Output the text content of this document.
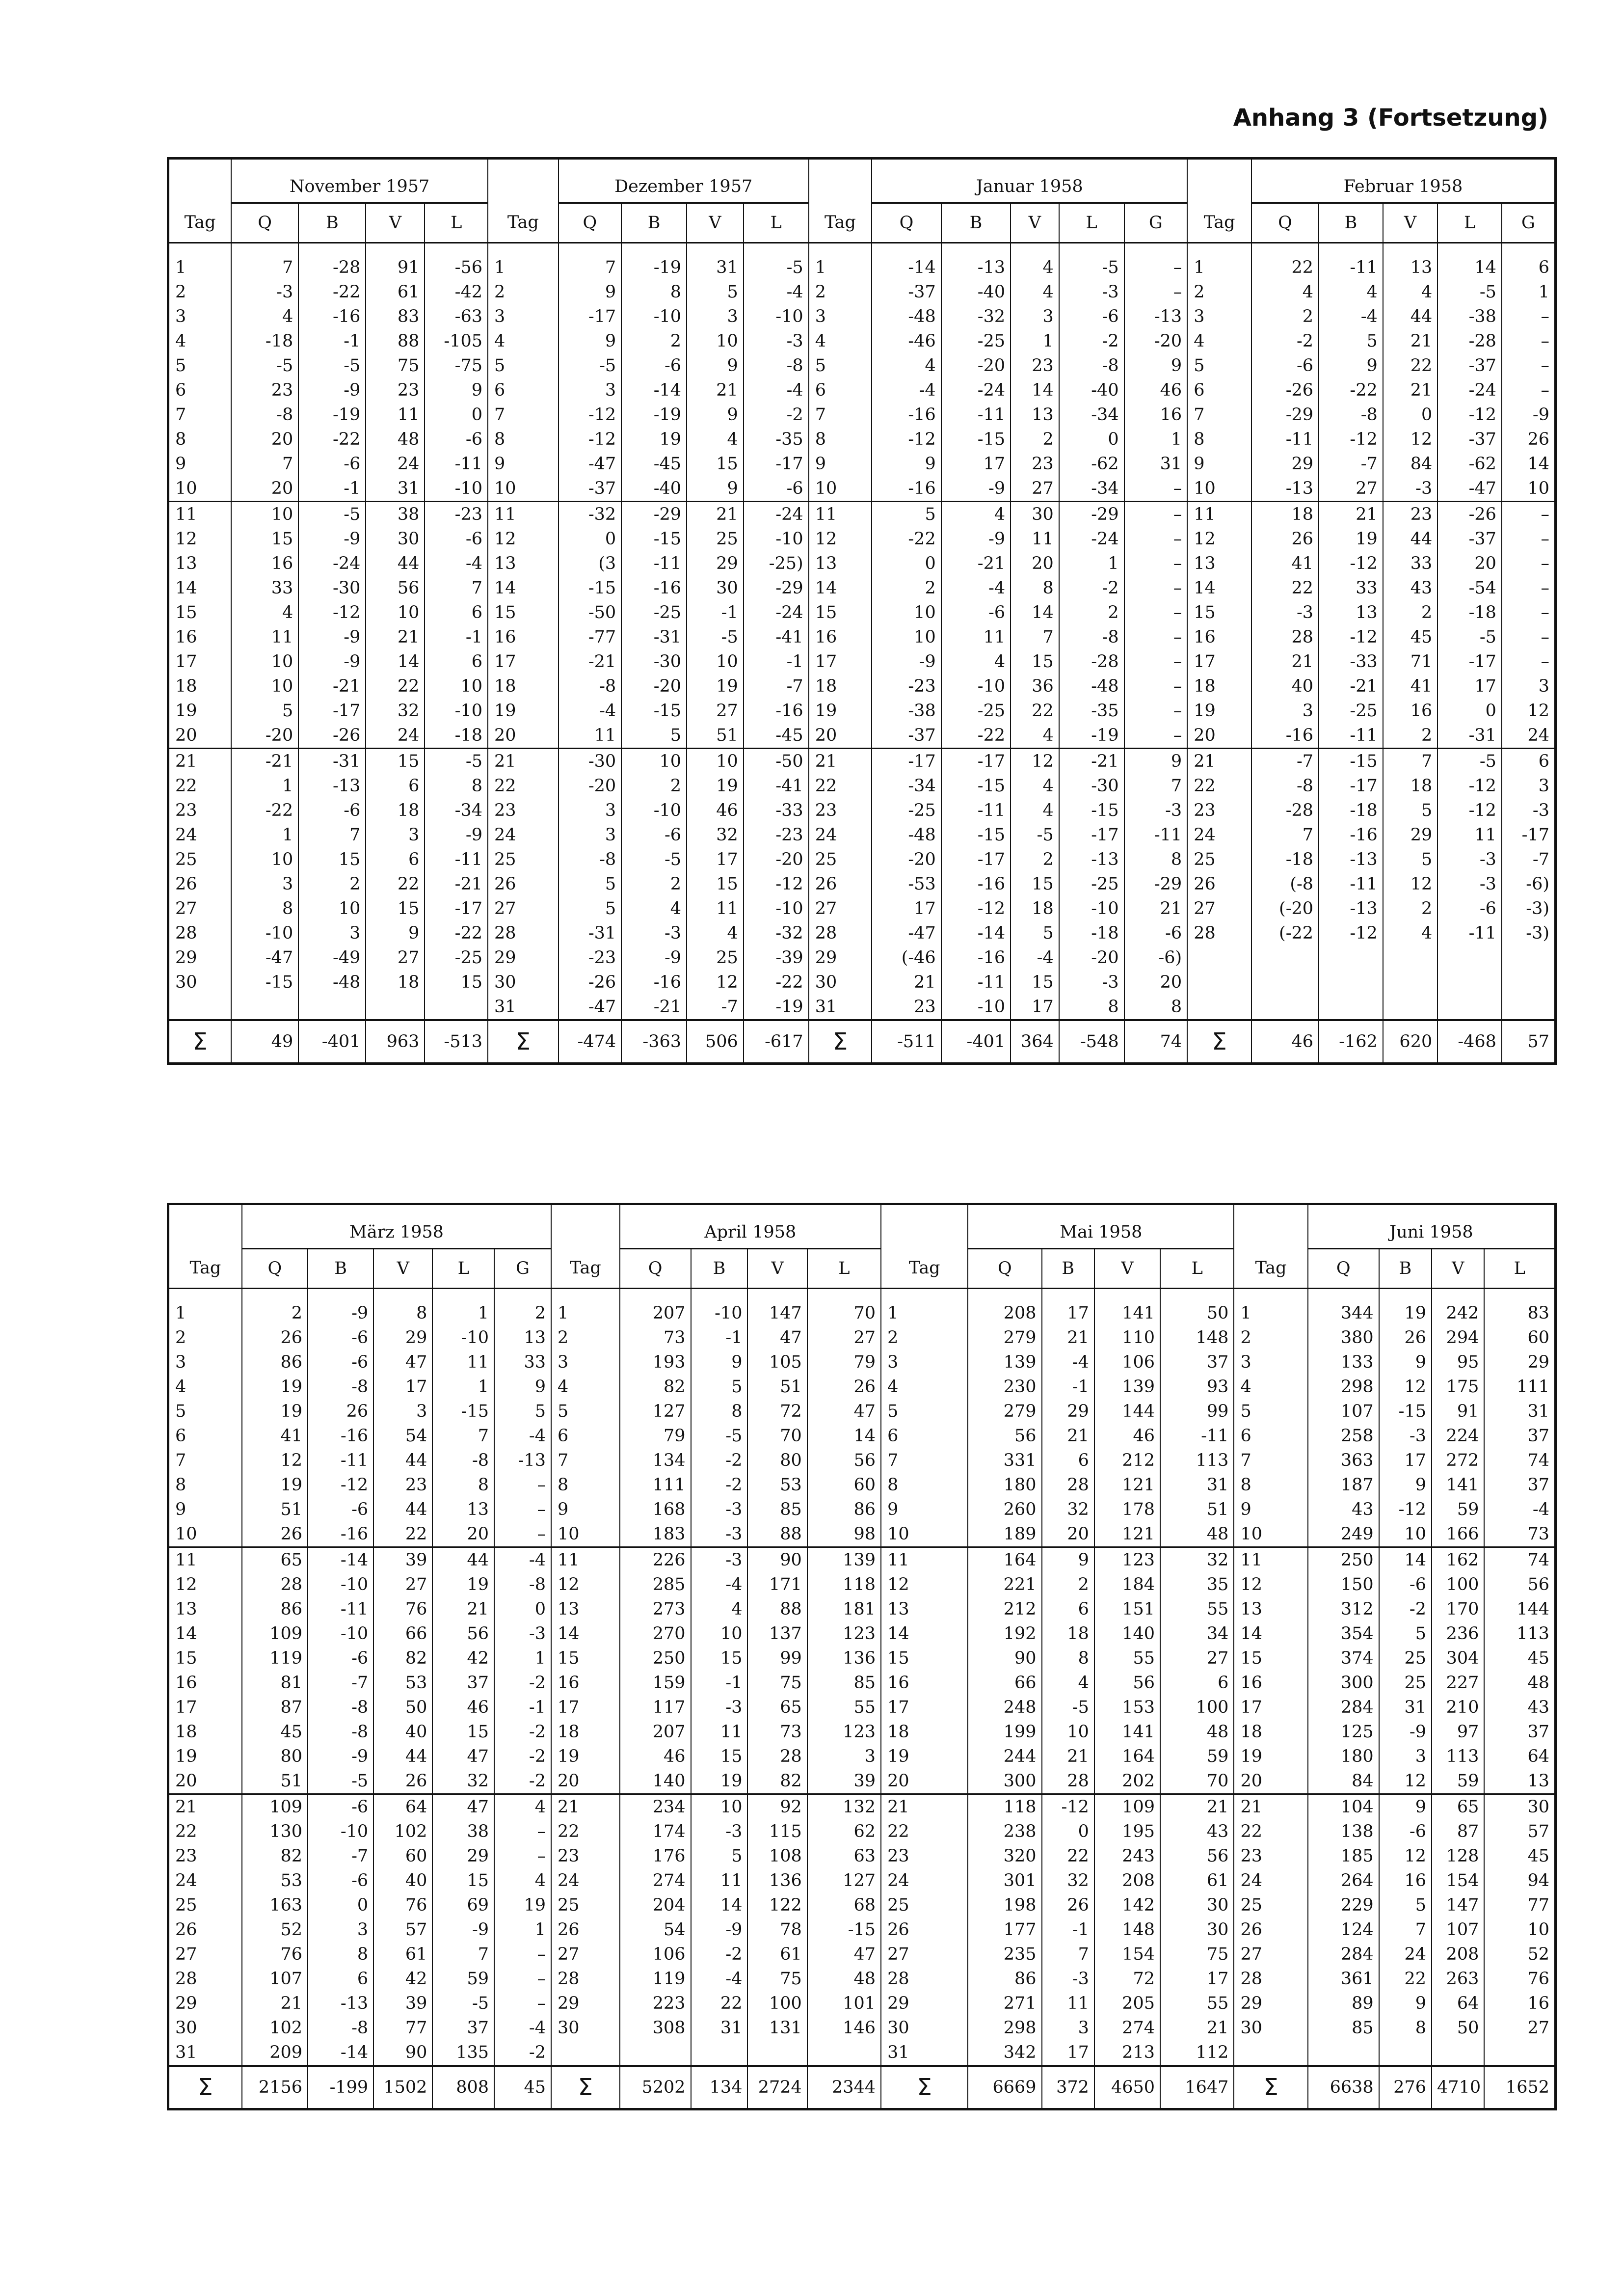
Anhang 3 (Fortsetzung)
	November 1957					Dezember 1957					Januar 1958						Februar 1958				
Tag	Q	B	V	L	Tag	Q	B	V	L	Tag	Q	B	V	L	G	Tag	Q	B	V	L	G

1	7	-28	91	-56	1	7	-19	31	-5	1	-14	-13	4	-5	–	1	22	-11	13	14	6
2	-3	-22	61	-42	2	9	8	5	-4	2	-37	-40	4	-3	–	2	4	4	4	-5	1
3	4	-16	83	-63	3	-17	-10	3	-10	3	-48	-32	3	-6	-13	3	2	-4	44	-38	–
4	-18	-1	88	-105	4	9	2	10	-3	4	-46	-25	1	-2	-20	4	-2	5	21	-28	–
5	-5	-5	75	-75	5	-5	-6	9	-8	5	4	-20	23	-8	9	5	-6	9	22	-37	–
6	23	-9	23	9	6	3	-14	21	-4	6	-4	-24	14	-40	46	6	-26	-22	21	-24	–
7	-8	-19	11	0	7	-12	-19	9	-2	7	-16	-11	13	-34	16	7	-29	-8	0	-12	-9
8	20	-22	48	-6	8	-12	19	4	-35	8	-12	-15	2	0	1	8	-11	-12	12	-37	26
9	7	-6	24	-11	9	-47	-45	15	-17	9	9	17	23	-62	31	9	29	-7	84	-62	14
10	20	-1	31	-10	10	-37	-40	9	-6	10	-16	-9	27	-34	–	10	-13	27	-3	-47	10
11	10	-5	38	-23	11	-32	-29	21	-24	11	5	4	30	-29	–	11	18	21	23	-26	–
12	15	-9	30	-6	12	0	-15	25	-10	12	-22	-9	11	-24	–	12	26	19	44	-37	–
13	16	-24	44	-4	13	(3	-11	29	-25)	13	0	-21	20	1	–	13	41	-12	33	20	–
14	33	-30	56	7	14	-15	-16	30	-29	14	2	-4	8	-2	–	14	22	33	43	-54	–
15	4	-12	10	6	15	-50	-25	-1	-24	15	10	-6	14	2	–	15	-3	13	2	-18	–
16	11	-9	21	-1	16	-77	-31	-5	-41	16	10	11	7	-8	–	16	28	-12	45	-5	–
17	10	-9	14	6	17	-21	-30	10	-1	17	-9	4	15	-28	–	17	21	-33	71	-17	–
18	10	-21	22	10	18	-8	-20	19	-7	18	-23	-10	36	-48	–	18	40	-21	41	17	3
19	5	-17	32	-10	19	-4	-15	27	-16	19	-38	-25	22	-35	–	19	3	-25	16	0	12
20	-20	-26	24	-18	20	11	5	51	-45	20	-37	-22	4	-19	–	20	-16	-11	2	-31	24
21	-21	-31	15	-5	21	-30	10	10	-50	21	-17	-17	12	-21	9	21	-7	-15	7	-5	6
22	1	-13	6	8	22	-20	2	19	-41	22	-34	-15	4	-30	7	22	-8	-17	18	-12	3
23	-22	-6	18	-34	23	3	-10	46	-33	23	-25	-11	4	-15	-3	23	-28	-18	5	-12	-3
24	1	7	3	-9	24	3	-6	32	-23	24	-48	-15	-5	-17	-11	24	7	-16	29	11	-17
25	10	15	6	-11	25	-8	-5	17	-20	25	-20	-17	2	-13	8	25	-18	-13	5	-3	-7
26	3	2	22	-21	26	5	2	15	-12	26	-53	-16	15	-25	-29	26	(-8	-11	12	-3	-6)
27	8	10	15	-17	27	5	4	11	-10	27	17	-12	18	-10	21	27	(-20	-13	2	-6	-3)
28	-10	3	9	-22	28	-31	-3	4	-32	28	-47	-14	5	-18	-6	28	(-22	-12	4	-11	-3)
29	-47	-49	27	-25	29	-23	-9	25	-39	29	(-46	-16	-4	-20	-6)						
30	-15	-48	18	15	30	-26	-16	12	-22	30	21	-11	15	-3	20						
					31	-47	-21	-7	-19	31	23	-10	17	8	8						
Σ	49	-401	963	-513	Σ	-474	-363	506	-617	Σ	-511	-401	364	-548	74	Σ	46	-162	620	-468	57
	März 1958						April 1958					Mai 1958					Juni 1958			
Tag	Q	B	V	L	G	Tag	Q	B	V	L	Tag	Q	B	V	L	Tag	Q	B	V	L

1	2	-9	8	1	2	1	207	-10	147	70	1	208	17	141	50	1	344	19	242	83
2	26	-6	29	-10	13	2	73	-1	47	27	2	279	21	110	148	2	380	26	294	60
3	86	-6	47	11	33	3	193	9	105	79	3	139	-4	106	37	3	133	9	95	29
4	19	-8	17	1	9	4	82	5	51	26	4	230	-1	139	93	4	298	12	175	111
5	19	26	3	-15	5	5	127	8	72	47	5	279	29	144	99	5	107	-15	91	31
6	41	-16	54	7	-4	6	79	-5	70	14	6	56	21	46	-11	6	258	-3	224	37
7	12	-11	44	-8	-13	7	134	-2	80	56	7	331	6	212	113	7	363	17	272	74
8	19	-12	23	8	–	8	111	-2	53	60	8	180	28	121	31	8	187	9	141	37
9	51	-6	44	13	–	9	168	-3	85	86	9	260	32	178	51	9	43	-12	59	-4
10	26	-16	22	20	–	10	183	-3	88	98	10	189	20	121	48	10	249	10	166	73
11	65	-14	39	44	-4	11	226	-3	90	139	11	164	9	123	32	11	250	14	162	74
12	28	-10	27	19	-8	12	285	-4	171	118	12	221	2	184	35	12	150	-6	100	56
13	86	-11	76	21	0	13	273	4	88	181	13	212	6	151	55	13	312	-2	170	144
14	109	-10	66	56	-3	14	270	10	137	123	14	192	18	140	34	14	354	5	236	113
15	119	-6	82	42	1	15	250	15	99	136	15	90	8	55	27	15	374	25	304	45
16	81	-7	53	37	-2	16	159	-1	75	85	16	66	4	56	6	16	300	25	227	48
17	87	-8	50	46	-1	17	117	-3	65	55	17	248	-5	153	100	17	284	31	210	43
18	45	-8	40	15	-2	18	207	11	73	123	18	199	10	141	48	18	125	-9	97	37
19	80	-9	44	47	-2	19	46	15	28	3	19	244	21	164	59	19	180	3	113	64
20	51	-5	26	32	-2	20	140	19	82	39	20	300	28	202	70	20	84	12	59	13
21	109	-6	64	47	4	21	234	10	92	132	21	118	-12	109	21	21	104	9	65	30
22	130	-10	102	38	–	22	174	-3	115	62	22	238	0	195	43	22	138	-6	87	57
23	82	-7	60	29	–	23	176	5	108	63	23	320	22	243	56	23	185	12	128	45
24	53	-6	40	15	4	24	274	11	136	127	24	301	32	208	61	24	264	16	154	94
25	163	0	76	69	19	25	204	14	122	68	25	198	26	142	30	25	229	5	147	77
26	52	3	57	-9	1	26	54	-9	78	-15	26	177	-1	148	30	26	124	7	107	10
27	76	8	61	7	–	27	106	-2	61	47	27	235	7	154	75	27	284	24	208	52
28	107	6	42	59	–	28	119	-4	75	48	28	86	-3	72	17	28	361	22	263	76
29	21	-13	39	-5	–	29	223	22	100	101	29	271	11	205	55	29	89	9	64	16
30	102	-8	77	37	-4	30	308	31	131	146	30	298	3	274	21	30	85	8	50	27
31	209	-14	90	135	-2						31	342	17	213	112					
Σ	2156	-199	1502	808	45	Σ	5202	134	2724	2344	Σ	6669	372	4650	1647	Σ	6638	276	4710	1652
